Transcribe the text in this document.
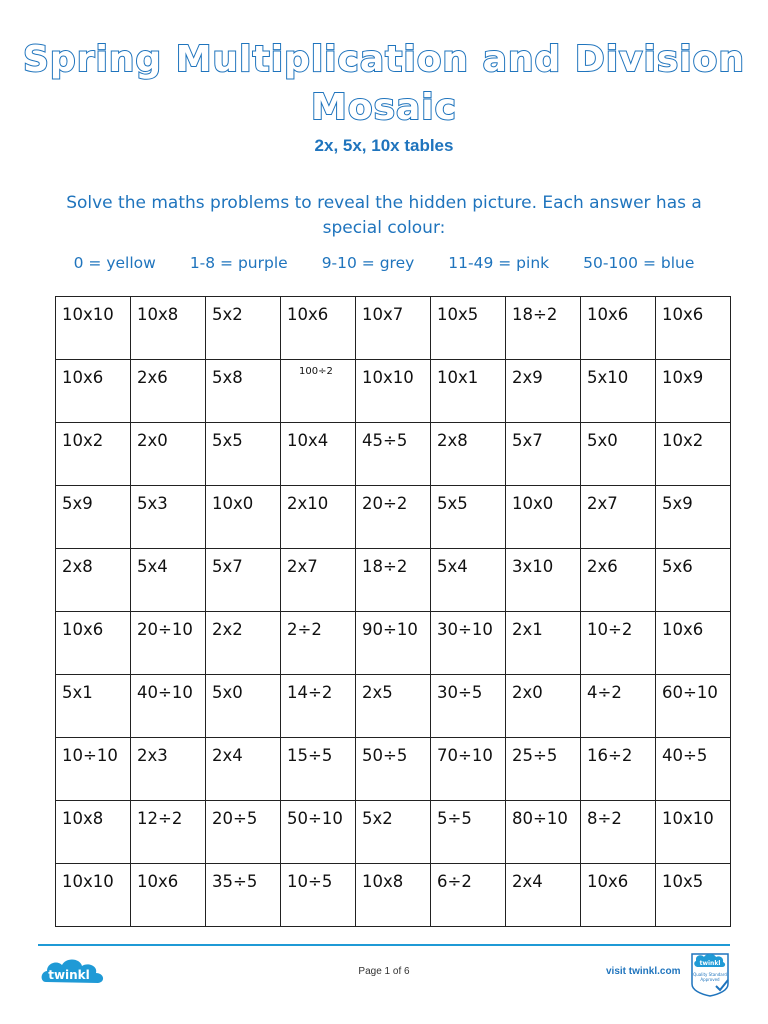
Spring Multiplication and Division
Mosaic
2x, 5x, 10x tables
Solve the maths problems to reveal the hidden picture. Each answer has a special colour:
0 = yellow 1-8 = purple 9-10 = grey 11-49 = pink 50-100 = blue
10x10	10x8	5x2	10x6	10x7	10x5	18÷2	10x6	10x6
10x6	2x6	5x8	100÷2	10x10	10x1	2x9	5x10	10x9
10x2	2x0	5x5	10x4	45÷5	2x8	5x7	5x0	10x2
5x9	5x3	10x0	2x10	20÷2	5x5	10x0	2x7	5x9
2x8	5x4	5x7	2x7	18÷2	5x4	3x10	2x6	5x6
10x6	20÷10	2x2	2÷2	90÷10	30÷10	2x1	10÷2	10x6
5x1	40÷10	5x0	14÷2	2x5	30÷5	2x0	4÷2	60÷10
10÷10	2x3	2x4	15÷5	50÷5	70÷10	25÷5	16÷2	40÷5
10x8	12÷2	20÷5	50÷10	5x2	5÷5	80÷10	8÷2	10x10
10x10	10x6	35÷5	10÷5	10x8	6÷2	2x4	10x6	10x5
twinkl	Page 1 of 6	visit twinkl.com
twinkl
Quality Standard
Approved
